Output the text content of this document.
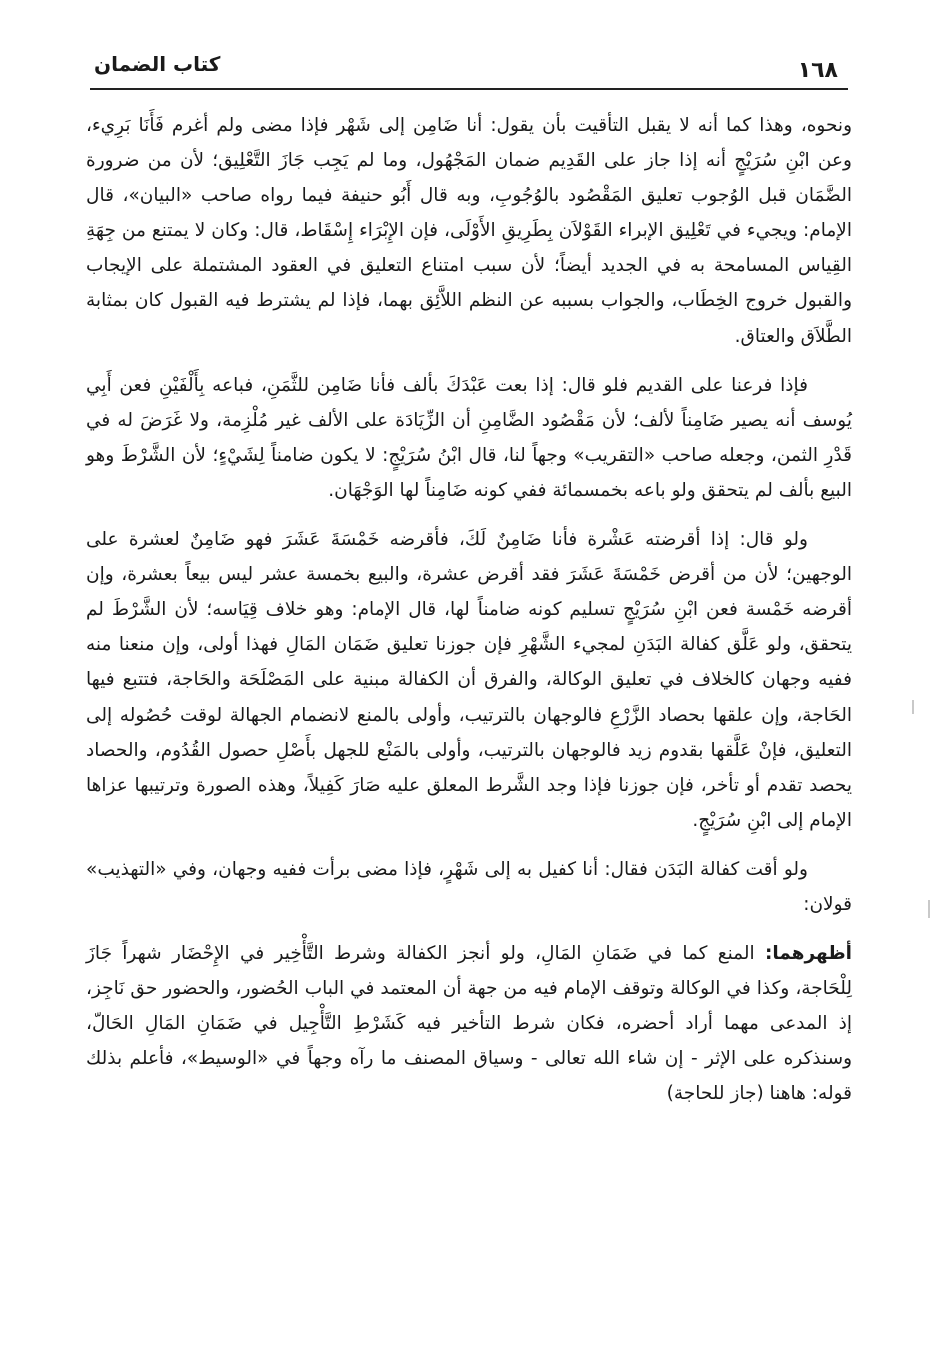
١٦٨
كتاب الضمان

ونحوه، وهذا كما أنه لا يقبل التأقيت بأن يقول: أنا ضَامِن إلى شَهْر فإذا مضى ولم أغرم فَأَنَا بَرِيء، وعن ابْنِ سُرَيْجٍ أنه إذا جاز على القَدِيم ضمان المَجْهُول، وما لم يَجِب جَازَ التَّعْلِيق؛ لأن من ضرورة الضَّمَان قبل الوُجوب تعليق المَقْصُود بالوُجُوبِ، وبه قال أَبُو حنيفة فيما رواه صاحب «البيان»، قال الإمام: ويجيء في تَعْلِيق الإبراء القَوْلاَن بِطَرِيقِ الأَوْلَى، فإن الإِبْرَاء إِسْقَاط، قال: وكان لا يمتنع من جِهَةِ القِياس المسامحة به في الجديد أيضاً؛ لأن سبب امتناع التعليق في العقود المشتملة على الإيجاب والقبول خروج الخِطَاب، والجواب بسببه عن النظم اللاَّئِق بهما، فإذا لم يشترط فيه القبول كان بمثابة الطَّلاَق والعتاق.

فإذا فرعنا على القديم فلو قال: إذا بعت عَبْدَكَ بألف فأنا ضَامِن للثَّمَنِ، فباعه بِأَلْفَيْنِ فعن أَبِي يُوسف أنه يصير ضَامِناً لألف؛ لأن مَقْصُود الضَّامِنِ أن الزِّيَادَة على الألف غير مُلْزِمة، ولا غَرَضَ له في قَدْرِ الثمن، وجعله صاحب «التقريب» وجهاً لنا، قال ابْنُ سُرَيْجٍ: لا يكون ضامناً لِشَيْءٍ؛ لأن الشَّرْطَ وهو البيع بألف لم يتحقق ولو باعه بخمسمائة ففي كونه ضَامِناً لها الوَجْهَان.

ولو قال: إذا أقرضته عَشْرة فأنا ضَامِنٌ لَكَ، فأقرضه خَمْسَةَ عَشَرَ فهو ضَامِنٌ لعشرة على الوجهين؛ لأن من أقرض خَمْسَةَ عَشَرَ فقد أقرض عشرة، والبيع بخمسة عشر ليس بيعاً بعشرة، وإن أقرضه خَمْسة فعن ابْنِ سُرَيْجٍ تسليم كونه ضامناً لها، قال الإمام: وهو خلاف قِيَاسه؛ لأن الشَّرْطَ لم يتحقق، ولو عَلَّق كفالة البَدَنِ لمجيء الشَّهْرِ فإن جوزنا تعليق ضَمَان المَالِ فهذا أولى، وإن منعنا منه ففيه وجهان كالخلاف في تعليق الوكالة، والفرق أن الكفالة مبنية على المَصْلَحَة والحَاجة، فتتبع فيها الحَاجة، وإن علقها بحصاد الزَّرْعِ فالوجهان بالترتيب، وأولى بالمنع لانضمام الجهالة لوقت حُصُوله إلى التعليق، فإنْ عَلَّقها بقدوم زيد فالوجهان بالترتيب، وأولى بالمَنْع للجهل بأَصْلِ حصول القُدُوم، والحصاد يحصد تقدم أو تأخر، فإن جوزنا فإذا وجد الشَّرط المعلق عليه صَارَ كَفِيلاً، وهذه الصورة وترتيبها عزاها الإمام إلى ابْنِ سُرَيْجٍ.

ولو أقت كفالة البَدَن فقال: أنا كفيل به إلى شَهْرٍ، فإذا مضى برأت ففيه وجهان، وفي «التهذيب» قولان:

أظهرهما: المنع كما في ضَمَانِ المَالِ، ولو أنجز الكفالة وشرط التَّأْخِير في الإِحْضَار شهراً جَازَ لِلْحَاجة، وكذا في الوكالة وتوقف الإمام فيه من جهة أن المعتمد في الباب الحُضور، والحضور حق نَاجِز، إذ المدعى مهما أراد أحضره، فكان شرط التأخير فيه كَشَرْطِ التَّأْجِيل في ضَمَانِ المَالِ الحَالّ، وسنذكره على الإثر - إن شاء الله تعالى - وسياق المصنف ما رآه وجهاً في «الوسيط»، فأعلم بذلك قوله: هاهنا (جاز للحاجة)
